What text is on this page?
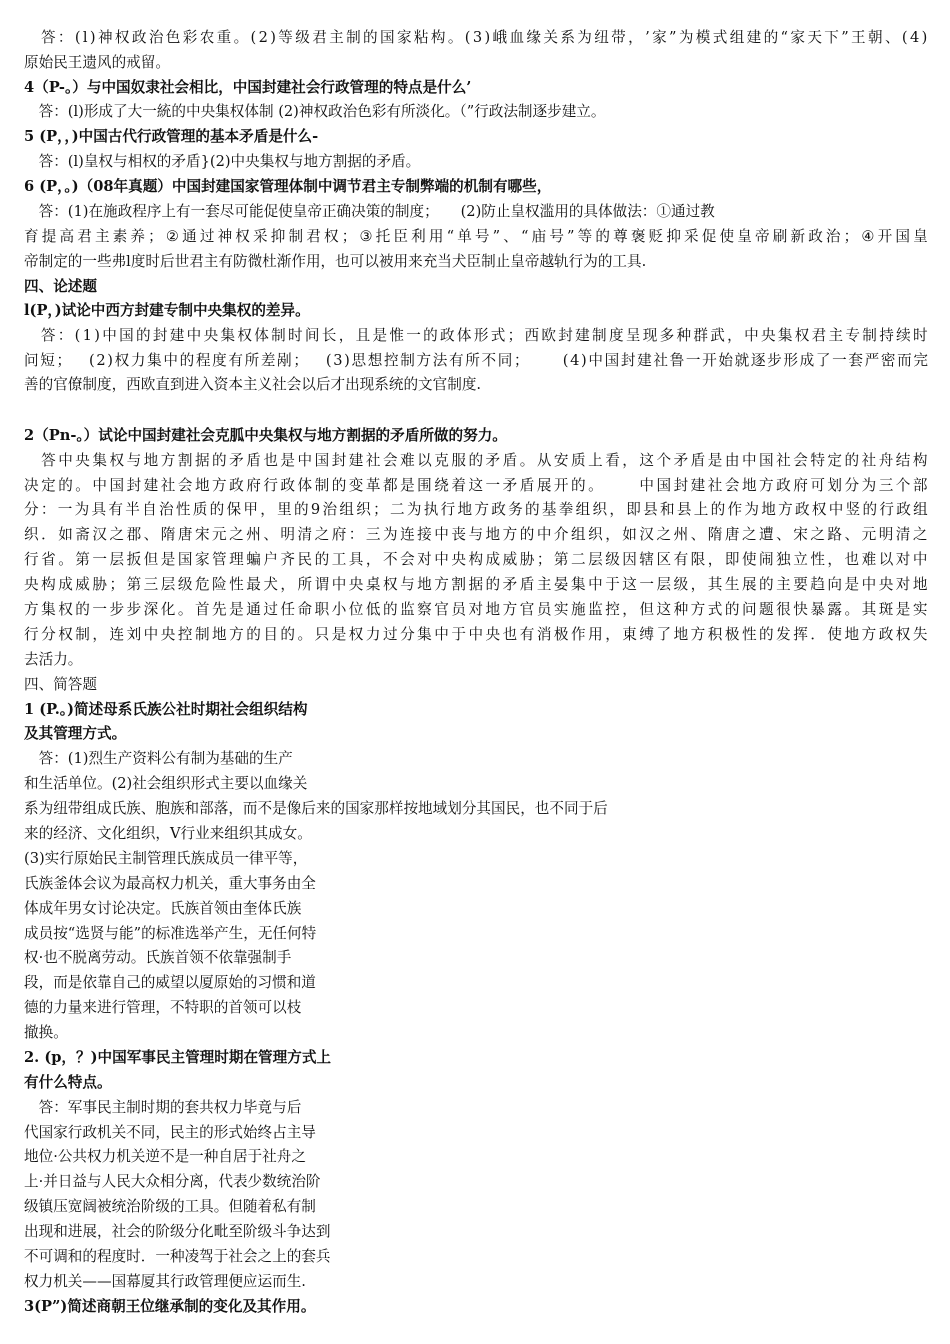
答 ： ( l ) 神 权 政 治 色 彩 农 重 。 ( 2 ) 等 级 君 主 制 的 国 家 粘 构 。 ( 3 ) 峨 血 缘 关 系 为 纽 带 ， ’ 家 ” 为 模 式 组 建 的 “ 家 天 下 ” 王 朝 、 ( 4 )
原始民王遗风的戒留。
4（P-。）与中国奴隶社会相比，中国封建社会行政管理的特点是什么’
　答：(l)形成了大一統的中央集权体制 (2)神权政治色彩有所淡化。（”行政法制逐步建立。
5 (P，，)中国古代行政管理的基本矛盾是什么-
　答：(l)皇权与相权的矛盾}(2)中央集权与地方割据的矛盾。
6 (P，。)（08年真题）中国封建国家管理体制中调节君主专制弊端的机制有哪些，
　答：(1)在施政程序上有一套尽可能促使皇帝正确决策的制度；　　(2)防止皇权滥用的具体做法：①通过教
育 提 高 君 主 素 养 ； ② 通 过 神 权 采 抑 制 君 权 ； ③ 托 臣 利 用 “ 单 号 ” 、 “ 庙 号 ” 等 的 尊 褒 贬 抑 采 促 使 皇 帝 刷 新 政 治 ； ④ 开 国 皇
帝制定的一些弗l度时后世君主有防微杜渐作用，也可以被用来充当犬臣制止皇帝越轨行为的工具.
四、论述题
l(P，)试论中西方封建专制中央集权的差异。

答 ： ( 1 ) 中 国 的 封 建 中 央 集 权 体 制 时 间 长 ， 且 是 惟 一 的 政 体 形 式 ； 西 欧 封 建 制 度 呈 现 多 种 群 武 ， 中 央 集 权 君 主 专 制 持 续 时
问 短 ；
　 ( 2 ) 权 力 集 中 的 程 度 有 所 差 剐 ；
　 ( 3 ) 思 想 控 制 方 法 有 所 不 同 ；

　 ( 4 ) 中 国 封 建 社 鲁 一 开 始 就 逐 步 形 成 了 一 套 严 密 而 完
善的官僚制度，西欧直到进入资本主义社会以后才出现系统的文官制度.
2（Pn-。）试论中国封建社会克胍中央集权与地方割据的矛盾所做的努力。

答 中 央 集 权 与 地 方 割 据 的 矛 盾 也 是 中 国 封 建 社 会 难 以 克 服 的 矛 盾 。 从 安 质 上 看 ， 这 个 矛 盾 是 由 中 国 社 会 特 定 的 社 舟 结 构
决 定 的 。 中 国 封 建 社 会 地 方 政 府 行 政 体 制 的 变 革 都 是 围 绕 着 这 一 矛 盾 展 开 的 。

　	中 国 封 建 社 会 地 方 政 府 可 划 分 为 三 个 部
分 ： 一 为 具 有 半 自 治 性 质 的 保 甲 ， 里 的 9 治 组 织 ； 二 为 执 行 地 方 政 务 的 基 拳 组 织 ， 即 县 和 县 上 的 作 为 地 方 政 权 中 竖 的 行 政 组
织 ． 如 斋 汉 之 郡 、 隋 唐 宋 元 之 州 、 明 清 之 府 ： 三 为 连 接 中 丧 与 地 方 的 中 介 组 织 ， 如 汉 之 州 、 隋 唐 之 遭 、 宋 之 路 、 元 明 清 之
行 省 。 第 一 层 扳 但 是 国 家 管 理 蝙 户 齐 民 的 工 具 ， 不 会 对 中 央 构 成 威 胁 ； 第 二 层 级 因 辖 区 有 限 ， 即 使 闹 独 立 性 ， 也 难 以 对 中
央 构 成 威 胁 ； 第 三 层 级 危 险 性 最 犬 ， 所 谓 中 央 桌 权 与 地 方 割 据 的 矛 盾 主 晏 集 中 于 这 一 层 级 ， 其 生 展 的 主 要 趋 向 是 中 央 对 地
方 集 权 的 一 步 步 深 化 。 首 先 是 通 过 任 命 职 小 位 低 的 监 察 官 员 对 地 方 官 员 实 施 监 控 ， 但 这 种 方 式 的 问 题 很 快 暴 露 。 其 斑 是 实
行 分 权 制 ， 连 刘 中 央 控 制 地 方 的 目 的 。 只 是 权 力 过 分 集 中 于 中 央 也 有 消 极 作 用 ， 東 缚 了 地 方 积 极 性 的 发 挥 ． 使 地 方 政 权 失
去活力。
四、简答题
1 (P.。)简述母系氏族公社时期社会组织结构
及其管理方式。
　答：(1)烈生产资料公有制为基础的生产
和生活单位。(2)社会组织形式主要以血缘关
系为纽带组成氏族、胞族和部落，而不是像后来的国家那样按地域划分其国民，也不同于后
来的经济、文化组织，V行业来组织其成女。
(3)实行原始民主制管理氏族成员一律平等，
氏族釜体会议为最高权力机关，重大事务由全
体成年男女讨论决定。氏族首领由奎体氏族
成员按“选贤与能”的标准选举产生，无任何特
权·也不脱离劳动。氏族首领不依靠强制手
段，而是依靠自己的威望以厦原始的习惯和道
德的力量来进行管理，不特职的首领可以枝
撤换。
2. (p，？)中国军事民主管理时期在管理方式上
有什么特点。
　答：军事民主制时期的套共权力毕竟与后
代国家行政机关不同，民主的形式始终占主导
地位·公共权力机关逆不是一种自居于社舟之
上·并日益与人民大众相分离，代表少数统治阶
级镇压宽阔被统治阶级的工具。但随着私有制
出现和进展，社会的阶级分化毗至阶级斗争达到
不可调和的程度时．一种凌驾于社会之上的套兵
权力机关——国幕厦其行政管理便应运而生.
3(P”)简述商朝王位继承制的变化及其作用。
